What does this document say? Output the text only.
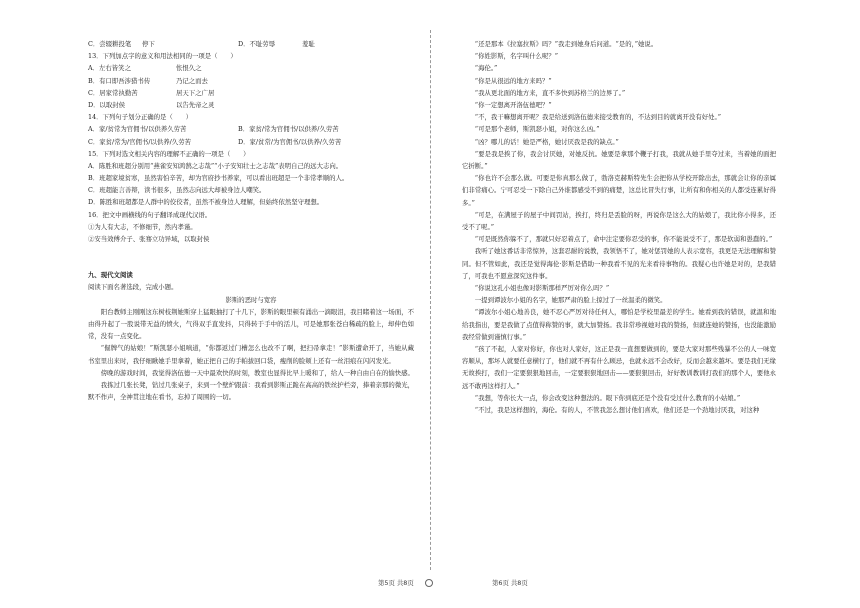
C．尝辍耕投笔 停下	D．不耻劳辱	羞耻
13．下列加点字的意义和用法相同的一项是（　　）
A．左右皆笑之	怅恨久之
B．有口即吾涉猎书传	乃记之而去
C．居家常执勤苦	居天下之广居
D．以取封侯	以告先帝之灵
14．下列句子划分正确的是（　　）
A．家/贫常为官佣书/以供养久劳苦	B．家贫/常为官佣书/以供养/久劳苦
C．家贫/常为/官佣书/以供养/久劳苦	D．家/贫常/为官佣书/以供养/久劳苦
15．下列对选文相关内容的理解不正确的一项是（　　）
A．陈胜和班超分别用“燕雀安知鸿鹄之志哉”“小子安知壮士之志哉”表明自己的远大志向。
B．班超家境贫寒，虽然害怕辛苦，却为官府抄书养家，可以看出班超是一个非常孝顺的人。
C．班超能言善辩，读书很多，虽然志向远大却被身边人嘲笑。
D．陈胜和班超都是人群中的佼佼者，虽然不被身边人理解，但始终依然坚守理想。
16．把文中画横线的句子翻译成现代汉语。
①为人有大志，不修细节，然内孝谨。
②安当效傅介子、张骞立功异域，以取封侯
九、现代文阅读
阅读下面名著选段，完成小题。
影斯的恶时与宽容
阳台教师主刚刚这东树枝荆她斯穿上猛眼抽打了十几下，影斯的眼里顿有涌出一滴眼泪，我目睹着这一场面，不由得升起了一股说带无益的愤火，气得双手直发抖，只得转于手中的活儿，可是她那张苍白稀疏的脸上，却伸色如常，没有一点变化。
“倔牌气的姑娘！”斯凯瑟小姐嗔道，“你都返过门槽怎么也改不了啊，把扫帚拿走！”影斯遭命开了，当她从藏书室里出来时，我仔细瞅她手里拿着，她正把自己的手帕拔回口袋，瘦削的脸颊上还有一丝泪痕在闪闪发光。
傍晚的游戏时间，我觉得洛伍德一天中最欢快的时刻，教室也显得比早上暖和了，给人一种自由自在的愉快感。
我拣过几张长凳，钻过几张桌子，来到一个壁炉跟前：我看到影斯正跪在高高的铁丝护栏旁，捧着亲那的微光，默不作声，全神贯注地在看书，忘掉了周围的一切。
“还是那本《拉塞拉斯》吗？”我走到她身后问道。“是的，”她说。
“你姓影斯，名字叫什么呢？”
“海伦。”
“你是从很远的地方来吗？”
“我从更北面的地方来，直不多快到苏格兰的边界了。”
“你一定想离开洛伍德吧？”
“不，我干嘛想离开呢？我是给送到洛伍德来接受教育的，不达到目的就离开没有好处。”
“可是那个老师，斯凯瑟小姐，对你这么凶。”
“凶？哪儿的话！她是严格，她讨厌我是我的缺点。”
“要是我是挨了你，我会讨厌她，对她反抗。她要是拿那个鞭子打我，我就从她手里夺过来，当着她的面把它折断。”
“你也许不会那么做。可要是你真那么做了，勃洛克赫斯特先生会把你从学校开除出去，那就会让你的亲属们非常痛心。宁可忍受一下除自己外谁都感受不到的痛楚，这总比冒失行事，让所有和你相关的人都受连累好得多。”
“可是，在满屋子的屋子中间罚站，挨打，终归是丢脸的呀，再说你是这么大的姑娘了，我比你小得多，还受不了呢。”
“可是既然你躲不了，那就只好忍着点了，命中注定要你忍受的事，你不能说受不了，那是软弱和愚蠢的。”
我听了她这番话非常惊异，这套忍耐的说教，我领悟不了，她对惩罚她的人表示宽容，我更是无法理解和赞同。但不管如此，我还是觉得海伦·影斯是借助一种我看不见的光来看待事物的。我疑心也许她是对的，是我错了，可我也不愿意深究这件事。
“你说这孔小姐也像对影斯那样严厉对你么吗？”
一提到谭波尔小姐的名字，她那严肃的脸上掠过了一丝温柔的微笑。
“谭波尔小姐心地善良，她不忍心严厉对待任何人，哪怕是学校里最差的学生。她看到我的错误，就温和地给我指出，要是我做了点值得称赞的事，就大加赞扬。我非常珍视她对我的赞扬，但就连她的赞扬，也没能激励我经常做到谨慎行事。”
“孩了不起，人家对你好，你也对人家好，这正是我一直想要做到的，要是大家对那些残暴不公的人一味宽容顺从，那坏人就要任意横行了，他们就不再有什么顾忌，也就永远不会改好，反而会越来越坏。要是我们无缘无故挨打，我们一定要狠狠地回击，一定要狠狠地回击——要狠狠回击，好好教训教训打我们的那个人，要他永远不敢再这样打人。”
“我想，等你长大一点，你会改变这种想法的。眼下你到底还是个没有受过什么教育的小姑娘。”
“不过，我是这样想的，海伦。有的人，不管我怎么想讨他们喜欢，他们还是一个劲地讨厌我，对这种
第5页 共8页	第6页 共8页
